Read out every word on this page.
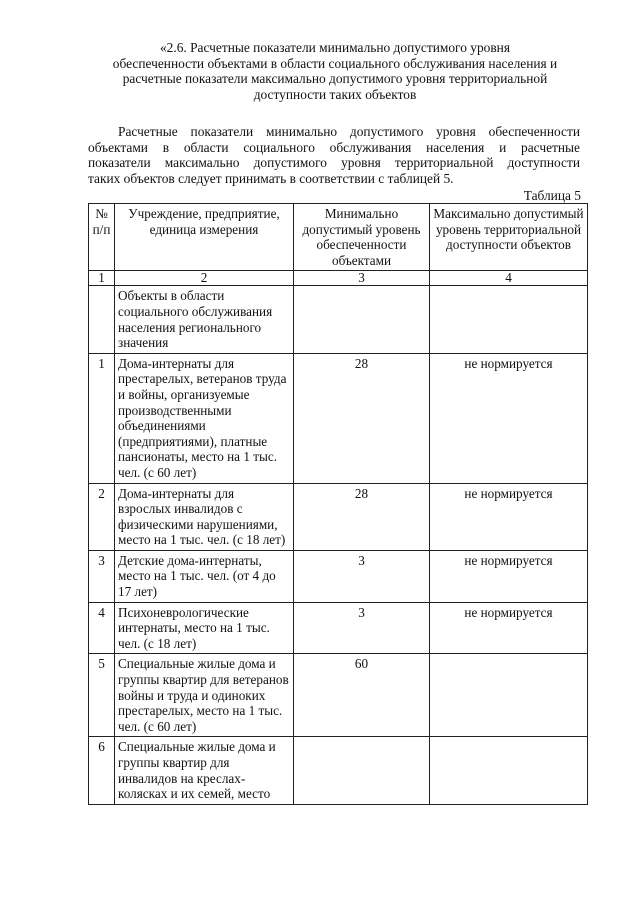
«2.6. Расчетные показатели минимально допустимого уровня
обеспеченности объектами в области социального обслуживания населения и
расчетные показатели максимально допустимого уровня территориальной
доступности таких объектов
Расчетные показатели минимально допустимого уровня обеспеченности
объектами в области социального обслуживания населения и расчетные
показатели максимально допустимого уровня территориальной доступности
таких объектов следует принимать в соответствии с таблицей 5.
Таблица 5
№ п/п	Учреждение, предприятие, единица измерения	Минимально допустимый уровень обеспеченности объектами	Максимально допустимый уровень территориальной доступности объектов
1	2	3	4
	Объекты в области социального обслуживания населения регионального значения		
1	Дома-интернаты для престарелых, ветеранов труда и войны, организуемые производственными объединениями (предприятиями), платные пансионаты, место на 1 тыс. чел. (с 60 лет)	28	не нормируется
2	Дома-интернаты для взрослых инвалидов с физическими нарушениями, место на 1 тыс. чел. (с 18 лет)	28	не нормируется
3	Детские дома-интернаты, место на 1 тыс. чел. (от 4 до 17 лет)	3	не нормируется
4	Психоневрологические интернаты, место на 1 тыс. чел. (с 18 лет)	3	не нормируется
5	Специальные жилые дома и группы квартир для ветеранов войны и труда и одиноких престарелых, место на 1 тыс. чел. (с 60 лет)	60	
6	Специальные жилые дома и группы квартир для инвалидов на креслах-колясках и их семей, место		
